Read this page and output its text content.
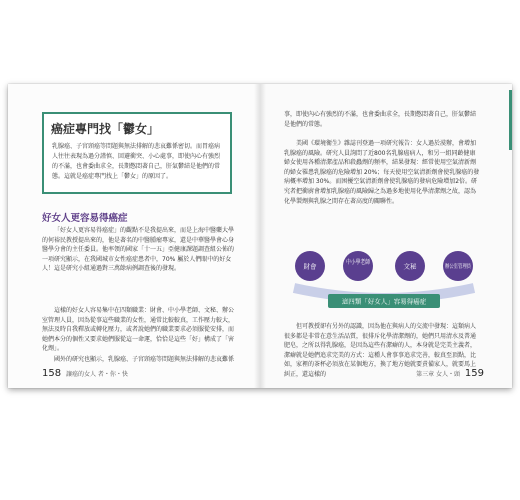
癌症專門找「鬱女」

乳腺癌、子宮頸癌等問題與無法排解的悲哀難係密切。而胃癌病人往往表現為過分謹慎、回避衝突、小心處事，即使內心有強烈的不滿，也會委曲求全，長期憋悶著自己，肝氣鬱結是他們的常態。這就是癌症專門找上「鬱女」的原因了。

好女人更容易得癌症

「好女人更容易得癌症」的觀點不是我提出來，而是上海中醫藥大學的何裕民教授提出來的，他是著名的中醫腫瘤專家，還是中華醫學會心身醫學分會的主任委員。他率領的國家「十一五」亞健康課題調查組公佈的一項研究顯示，在我國城市女性癌症患者中，70% 屬於人們眼中的好女人！這是研究小組通過對三萬餘病例調查後的發現。

這樣的好女人容易集中在四類職業：財會、中小學老師、文秘、辦公室管理人員，因為從事這些職業的女性，通常比較較真，工作壓力較大，無法及時自我釋放或轉化壓力，或者說她們的職業要求必須服從安排，而她們本分的個性又要求她們服從這一命運，恰恰是這些「好」構成了「害化劑」。

國外的研究也顯示，乳腺癌、子宮頸癌等問題與無法排解的悲哀難係

158 讓癌的女人 者・你・快

事，即使內心有強烈的不滿，也會委曲求全，長期憋悶著自己，肝氣鬱結是他們的常態。

美國《環境衛生》雜誌刊登過一項研究報告：女人過於漠辦，會增加乳腺癌的風險。研究人員詢問了近800名乳腺癌病人，和另一組同齡健康婦女使用各種清潔產品和殺蟲劑的頻率，結果發現：經常使用空氣清新劑的婦女罹患乳腺癌的危險增加 20%；每天使用空氣清新劑會使乳腺癌的發病概率增加 30%。而困擾空氣清新劑會使乳腺癌的發病危險增加2倍。研究者把衝廚會增加乳腺癌的風險歸之為過多地使用化學清潔劑之故，認為化學製劑與乳腺之間存在著高度的關聯性。

財會	中小學老師	文秘	辦公室管理員
這四類「好女人」容易得癌症

但可教授卻有另外的認識，因為他在與病人的交流中發現：這類病人很多都是非常在意生活品質，很排斥化學清潔劑的，她們只用清水及普通肥皂，之所以得乳腺癌，是因為這些有潔癖的人，本身就是完美主義者，潔癖就是她們追求完美的方式：這種人會事事追求完善，較真至頂點，比如，家裡的茶杯必須放在某個地方，換了地方她就要責備家人，就要馬上糾正，還這樣的	第三章 女人・頭 159
